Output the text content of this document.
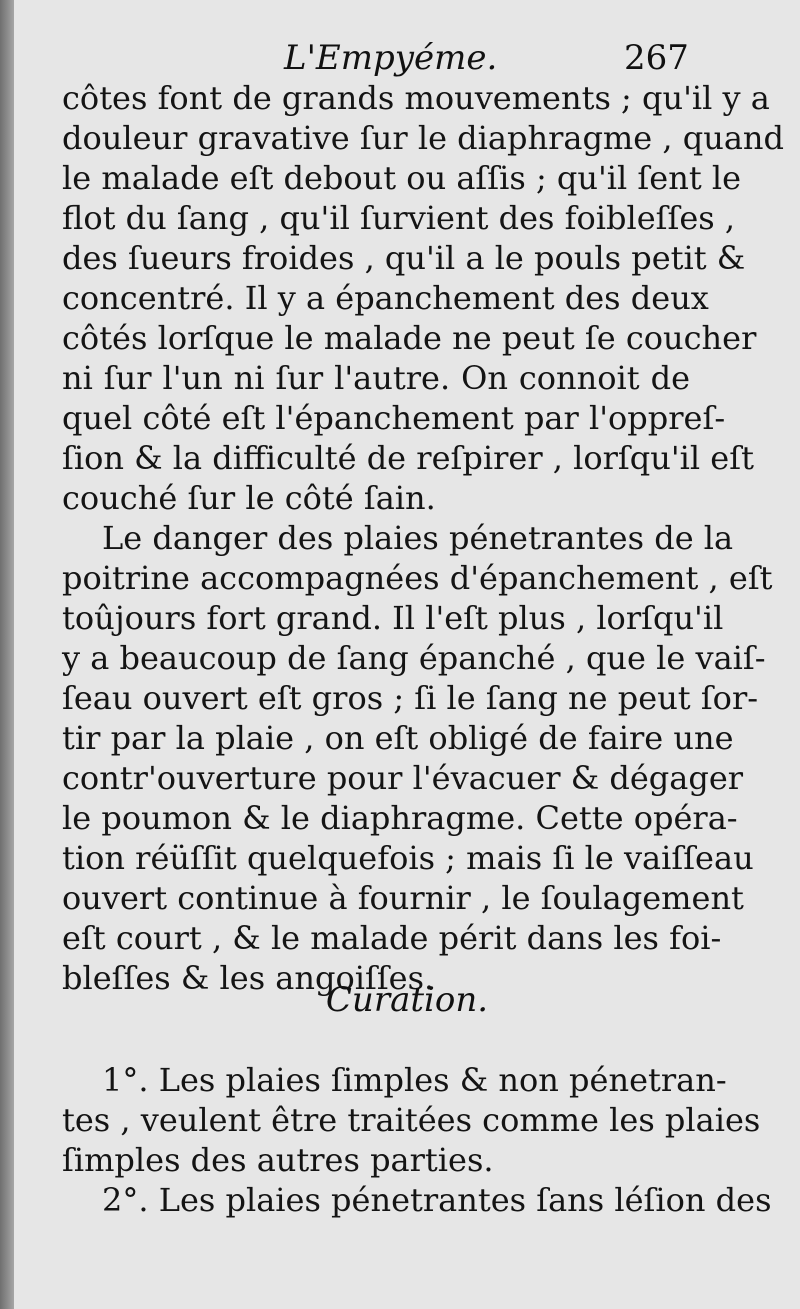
L'Empyéme.	267
côtes font de grands mouvements ; qu'il y a
douleur gravative ſur le diaphragme , quand
le malade eſt debout ou aſſis ; qu'il ſent le
flot du ſang , qu'il ſurvient des foibleſſes ,
des ſueurs froides , qu'il a le pouls petit &
concentré. Il y a épanchement des deux
côtés lorſque le malade ne peut ſe coucher
ni ſur l'un ni ſur l'autre. On connoit de
quel côté eſt l'épanchement par l'oppreſ-
ſion & la difficulté de reſpirer , lorſqu'il eſt
couché ſur le côté ſain.
Le danger des plaies pénetrantes de la
poitrine accompagnées d'épanchement , eſt
toûjours fort grand. Il l'eſt plus , lorſqu'il
y a beaucoup de ſang épanché , que le vaiſ-
ſeau ouvert eſt gros ; ſi le ſang ne peut ſor-
tir par la plaie , on eſt obligé de faire une
contr'ouverture pour l'évacuer & dégager
le poumon & le diaphragme. Cette opéra-
tion réüſſit quelquefois ; mais ſi le vaiſſeau
ouvert continue à fournir , le ſoulagement
eſt court , & le malade périt dans les foi-
bleſſes & les angoiſſes.
Curation.
1°. Les plaies ſimples & non pénetran-
tes , veulent être traitées comme les plaies
ſimples des autres parties.
2°. Les plaies pénetrantes ſans léſion des
